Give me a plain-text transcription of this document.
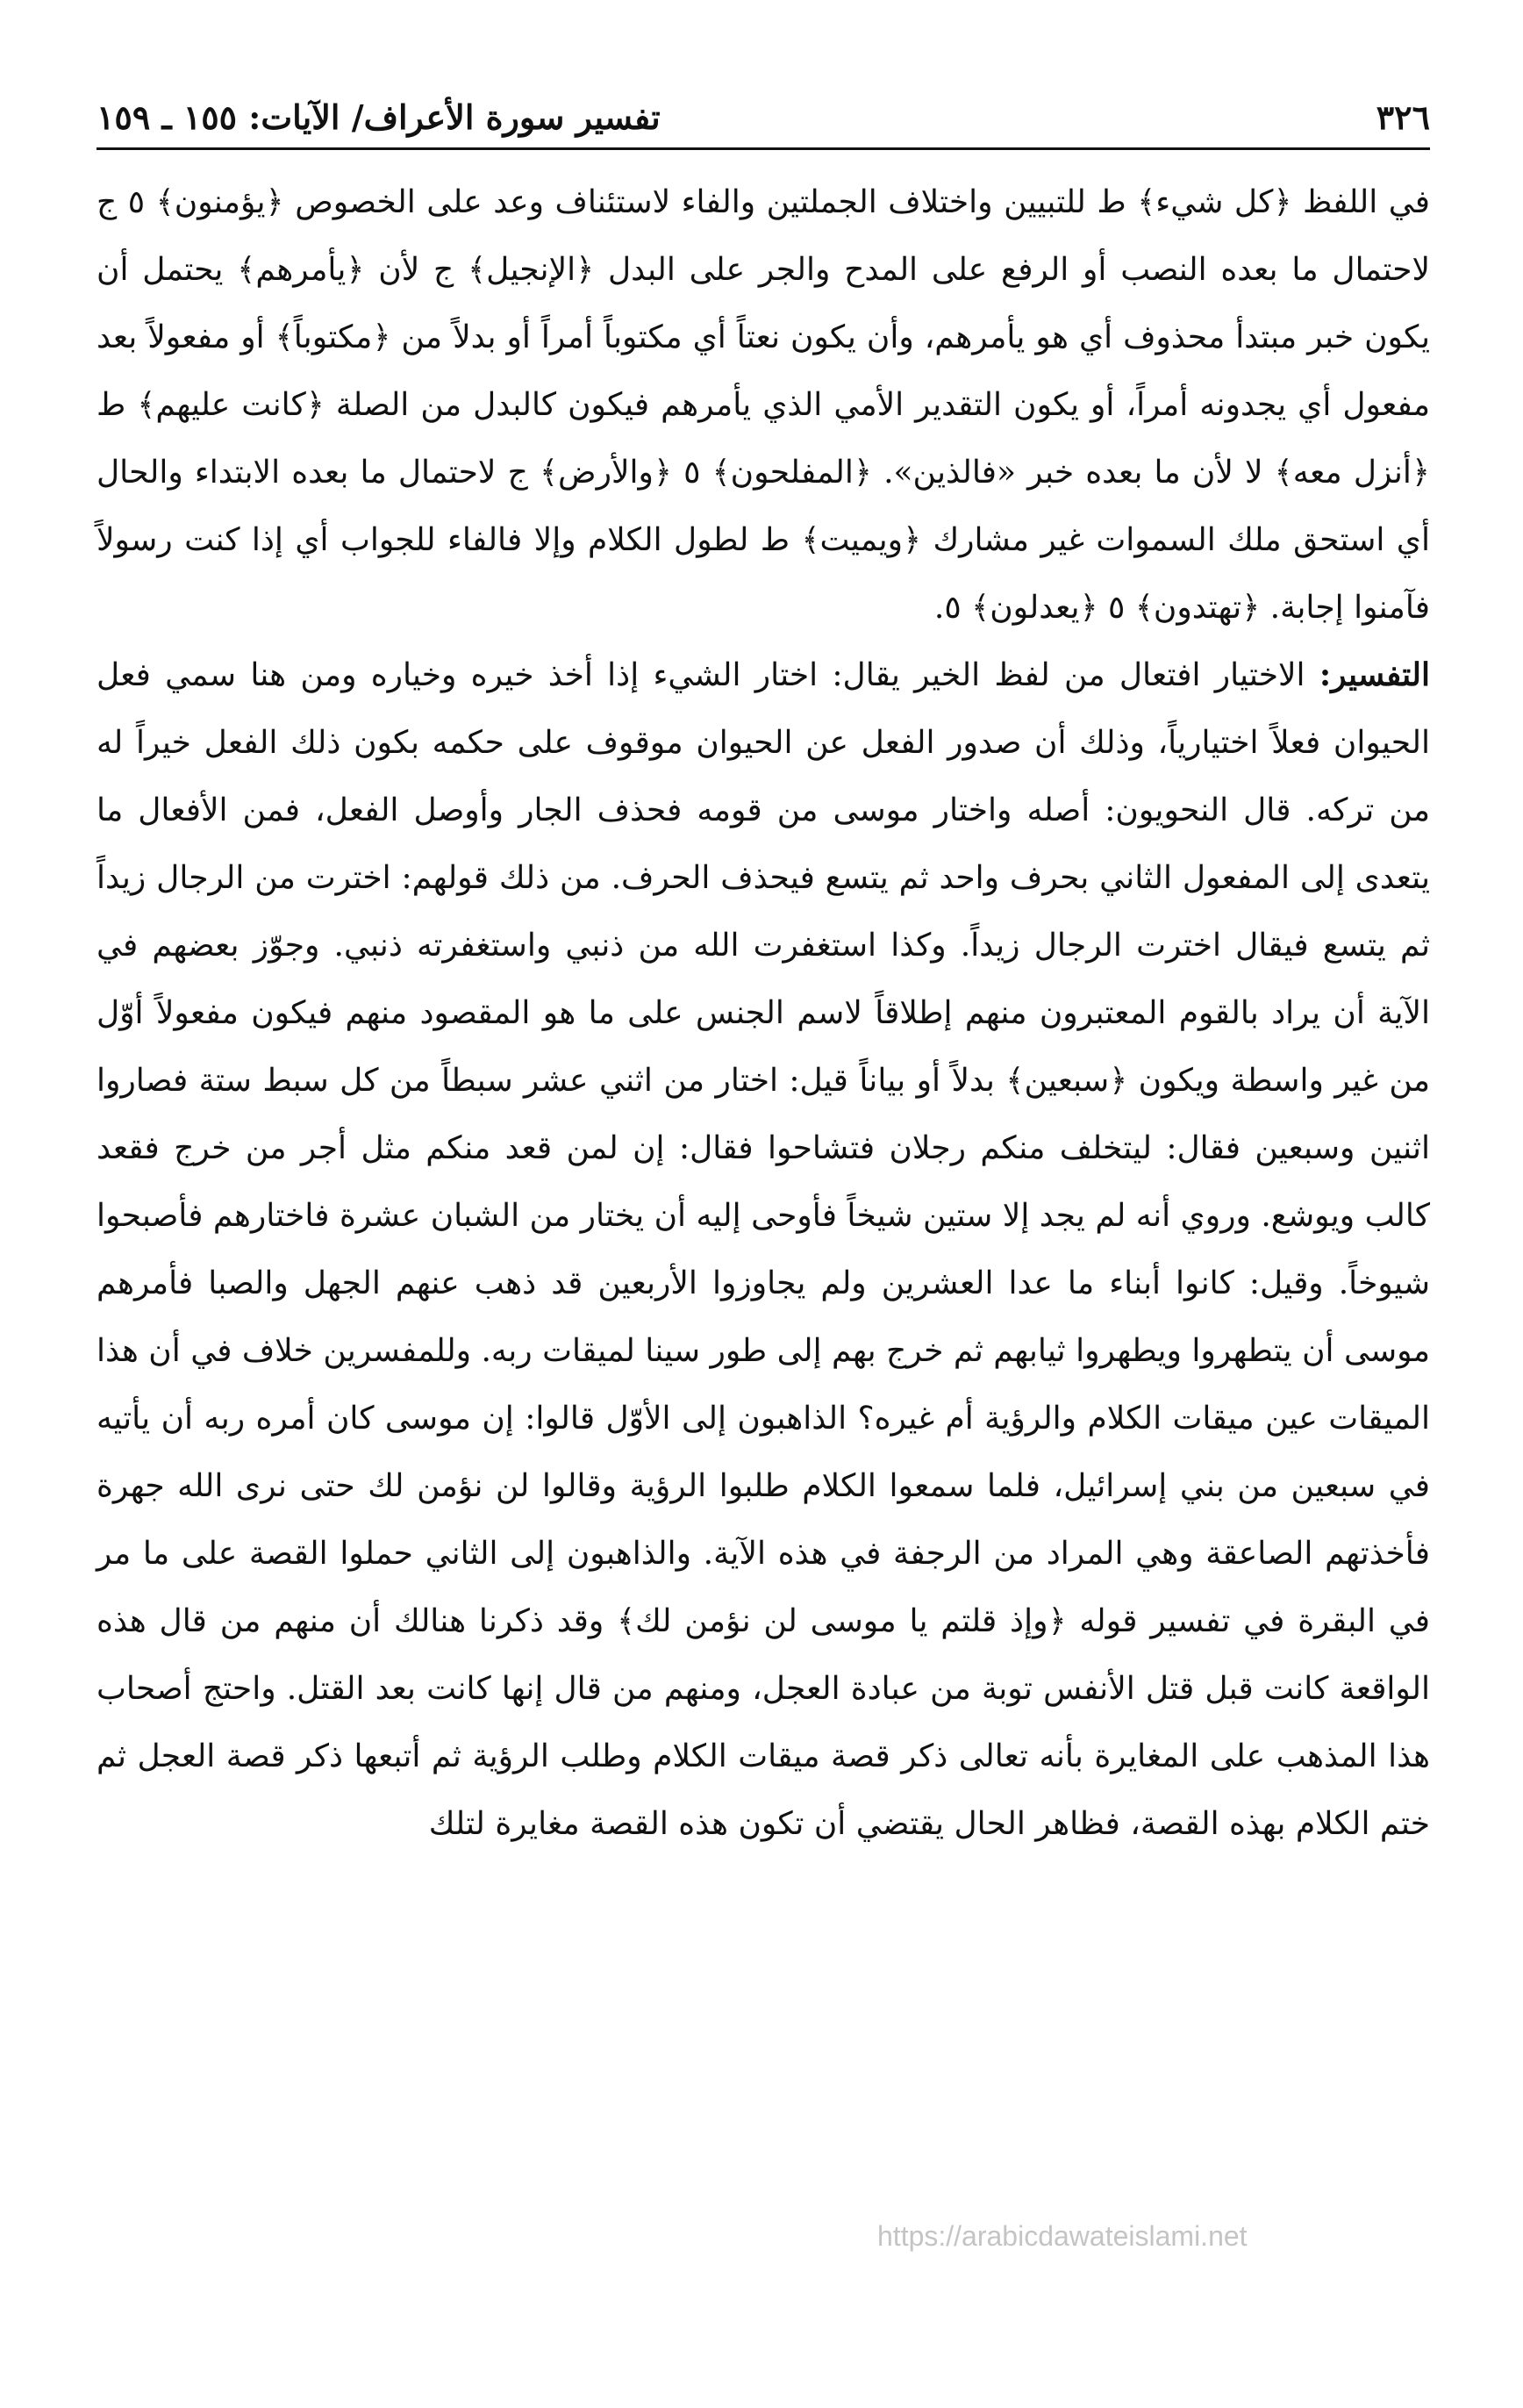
٣٢٦
تفسير سورة الأعراف/ الآيات: ١٥٥ ـ ١٥٩

في اللفظ ﴿كل شيء﴾ ط للتبيين واختلاف الجملتين والفاء لاستئناف وعد على الخصوص ﴿يؤمنون﴾ ٥ ج لاحتمال ما بعده النصب أو الرفع على المدح والجر على البدل ﴿الإنجيل﴾ ج لأن ﴿يأمرهم﴾ يحتمل أن يكون خبر مبتدأ محذوف أي هو يأمرهم، وأن يكون نعتاً أي مكتوباً أمراً أو بدلاً من ﴿مكتوباً﴾ أو مفعولاً بعد مفعول أي يجدونه أمراً، أو يكون التقدير الأمي الذي يأمرهم فيكون كالبدل من الصلة ﴿كانت عليهم﴾ ط ﴿أنزل معه﴾ لا لأن ما بعده خبر «فالذين». ﴿المفلحون﴾ ٥ ﴿والأرض﴾ ج لاحتمال ما بعده الابتداء والحال أي استحق ملك السموات غير مشارك ﴿ويميت﴾ ط لطول الكلام وإلا فالفاء للجواب أي إذا كنت رسولاً فآمنوا إجابة. ﴿تهتدون﴾ ٥ ﴿يعدلون﴾ ٥.

التفسير: الاختيار افتعال من لفظ الخير يقال: اختار الشيء إذا أخذ خيره وخياره ومن هنا سمي فعل الحيوان فعلاً اختيارياً، وذلك أن صدور الفعل عن الحيوان موقوف على حكمه بكون ذلك الفعل خيراً له من تركه. قال النحويون: أصله واختار موسى من قومه فحذف الجار وأوصل الفعل، فمن الأفعال ما يتعدى إلى المفعول الثاني بحرف واحد ثم يتسع فيحذف الحرف. من ذلك قولهم: اخترت من الرجال زيداً ثم يتسع فيقال اخترت الرجال زيداً. وكذا استغفرت الله من ذنبي واستغفرته ذنبي. وجوّز بعضهم في الآية أن يراد بالقوم المعتبرون منهم إطلاقاً لاسم الجنس على ما هو المقصود منهم فيكون مفعولاً أوّل من غير واسطة ويكون ﴿سبعين﴾ بدلاً أو بياناً قيل: اختار من اثني عشر سبطاً من كل سبط ستة فصاروا اثنين وسبعين فقال: ليتخلف منكم رجلان فتشاحوا فقال: إن لمن قعد منكم مثل أجر من خرج فقعد كالب ويوشع. وروي أنه لم يجد إلا ستين شيخاً فأوحى إليه أن يختار من الشبان عشرة فاختارهم فأصبحوا شيوخاً. وقيل: كانوا أبناء ما عدا العشرين ولم يجاوزوا الأربعين قد ذهب عنهم الجهل والصبا فأمرهم موسى أن يتطهروا ويطهروا ثيابهم ثم خرج بهم إلى طور سينا لميقات ربه. وللمفسرين خلاف في أن هذا الميقات عين ميقات الكلام والرؤية أم غيره؟ الذاهبون إلى الأوّل قالوا: إن موسى كان أمره ربه أن يأتيه في سبعين من بني إسرائيل، فلما سمعوا الكلام طلبوا الرؤية وقالوا لن نؤمن لك حتى نرى الله جهرة فأخذتهم الصاعقة وهي المراد من الرجفة في هذه الآية. والذاهبون إلى الثاني حملوا القصة على ما مر في البقرة في تفسير قوله ﴿وإذ قلتم يا موسى لن نؤمن لك﴾ وقد ذكرنا هنالك أن منهم من قال هذه الواقعة كانت قبل قتل الأنفس توبة من عبادة العجل، ومنهم من قال إنها كانت بعد القتل. واحتج أصحاب هذا المذهب على المغايرة بأنه تعالى ذكر قصة ميقات الكلام وطلب الرؤية ثم أتبعها ذكر قصة العجل ثم ختم الكلام بهذه القصة، فظاهر الحال يقتضي أن تكون هذه القصة مغايرة لتلك

https://arabicdawateislami.net
